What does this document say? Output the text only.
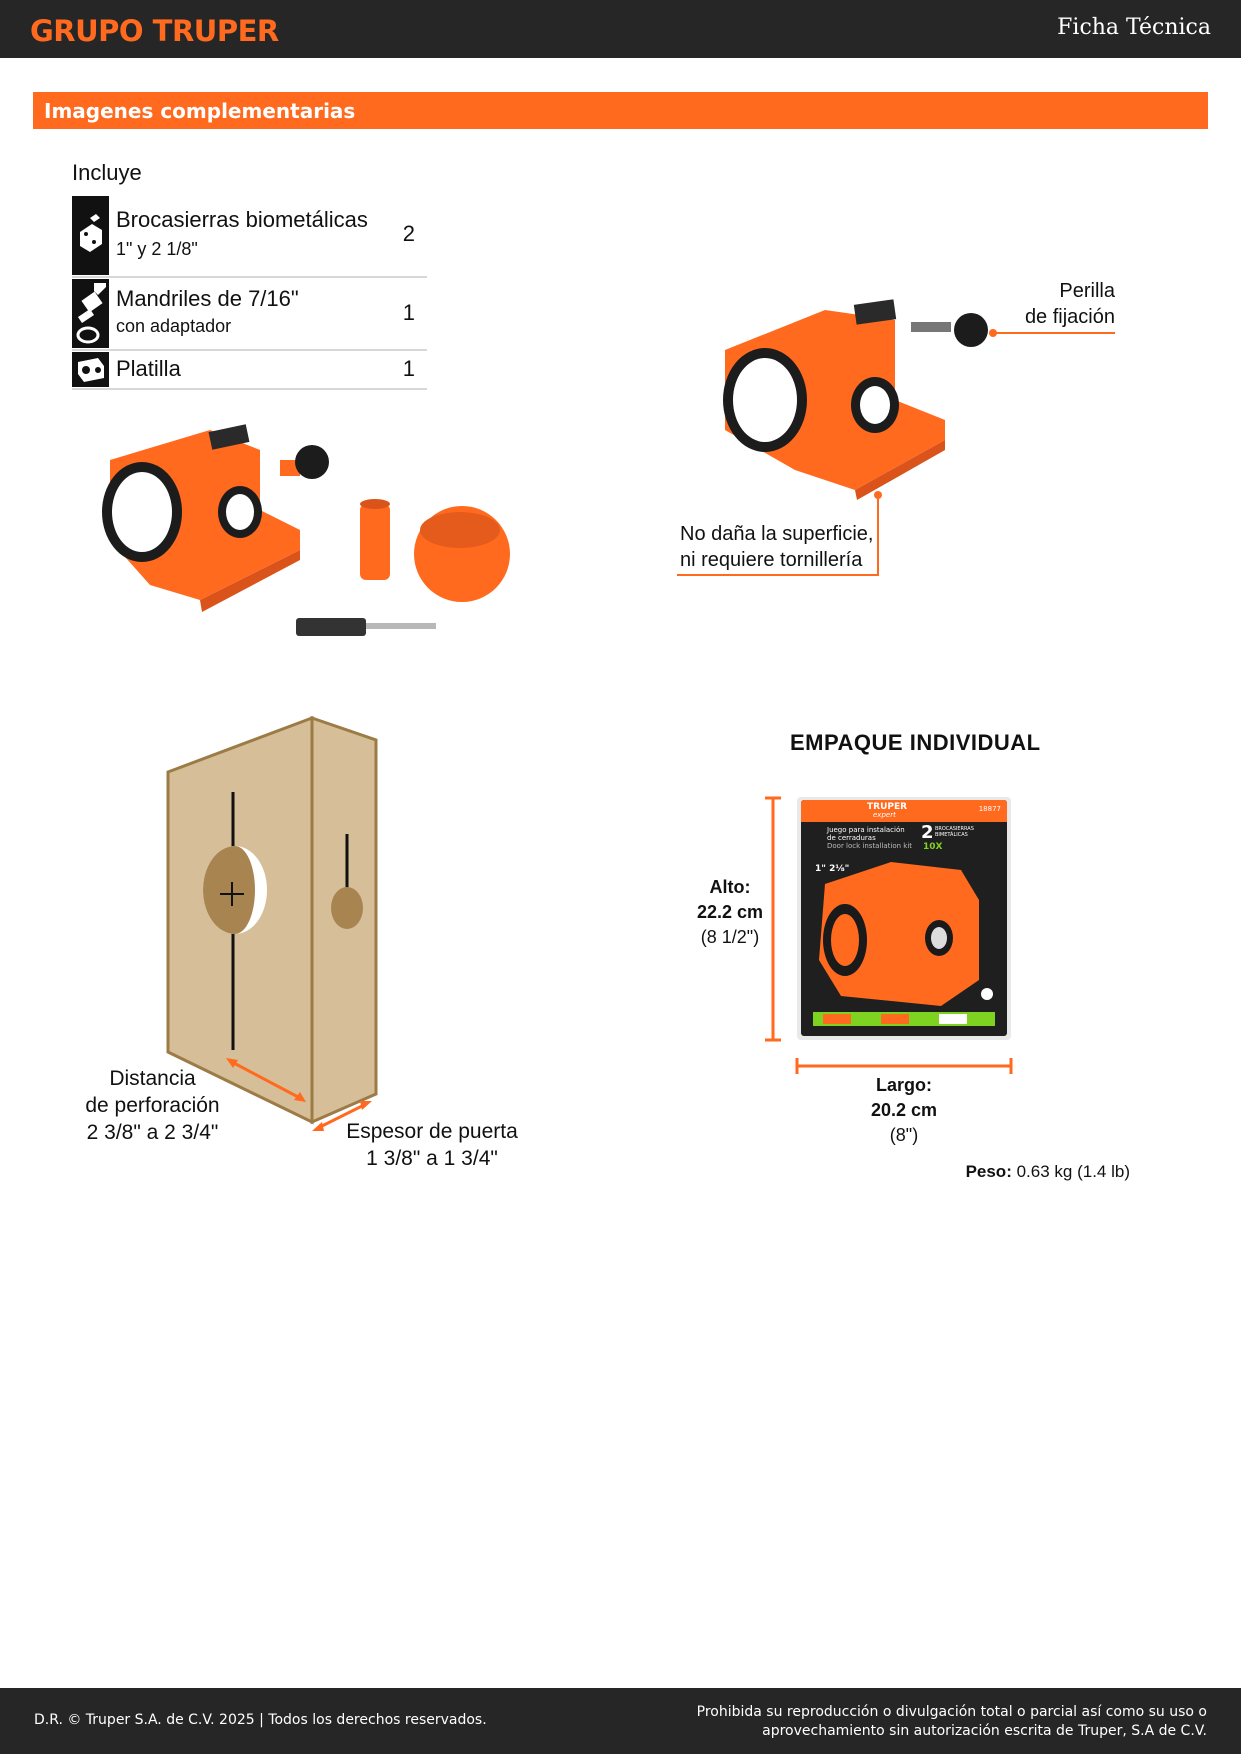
GRUPO TRUPER	Ficha Técnica
Imagenes complementarias
Incluye
Brocasierras biometálicas
1" y 2 1/8"
2
Mandriles de 7/16"
con adaptador
1
Platilla	1
Perilla
de fijación
No daña la superficie,
ni requiere tornillería
Distancia
de perforación
2 3/8" a 2 3/4"	Espesor de puerta
1 3/8" a 1 3/4"
EMPAQUE INDIVIDUAL
TRUPER
expert
18877
Juego para instalación
de cerraduras
Door lock installation kit
2 BROCASIERRAS BIMETÁLICAS
10X
1" 2⅛"
Alto:
22.2 cm
(8 1/2")
Largo:
20.2 cm
(8")
Peso: 0.63 kg (1.4 lb)
D.R. © Truper S.A. de C.V. 2025 | Todos los derechos reservados.	Prohibida su reproducción o divulgación total o parcial así como su uso o
aprovechamiento sin autorización escrita de Truper, S.A de C.V.
